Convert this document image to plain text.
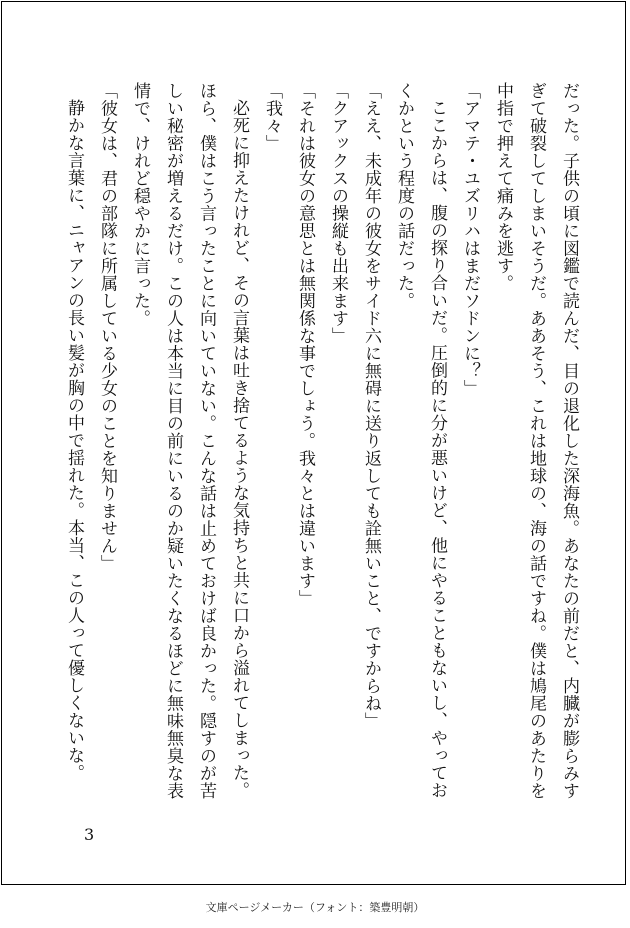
だった。子供の頃に図鑑で読んだ、目の退化した深海魚。あなたの前だと、内臓が膨らみすぎて破裂してしまいそうだ。ああそう、これは地球の、海の話ですね。僕は鳩尾のあたりを中指で押えて痛みを逃す。

「アマテ・ユズリハはまだソドンに？」

ここからは、腹の探り合いだ。圧倒的に分が悪いけど、他にやることもないし、やっておくかという程度の話だった。

「ええ、未成年の彼女をサイド六に無碍に送り返しても詮無いこと、ですからね」

「クアックスの操縦も出来ます」

「それは彼女の意思とは無関係な事でしょう。我々とは違います」

「我々」

必死に抑えたけれど、その言葉は吐き捨てるような気持ちと共に口から溢れてしまった。ほら、僕はこう言ったことに向いていない。こんな話は止めておけば良かった。隠すのが苦しい秘密が増えるだけ。この人は本当に目の前にいるのか疑いたくなるほどに無味無臭な表情で、けれど穏やかに言った。

「彼女は、君の部隊に所属している少女のことを知りません」

静かな言葉に、ニャアンの長い髪が胸の中で揺れた。本当、この人って優しくないな。

3
文庫ページメーカー（フォント：築豊明朝）
